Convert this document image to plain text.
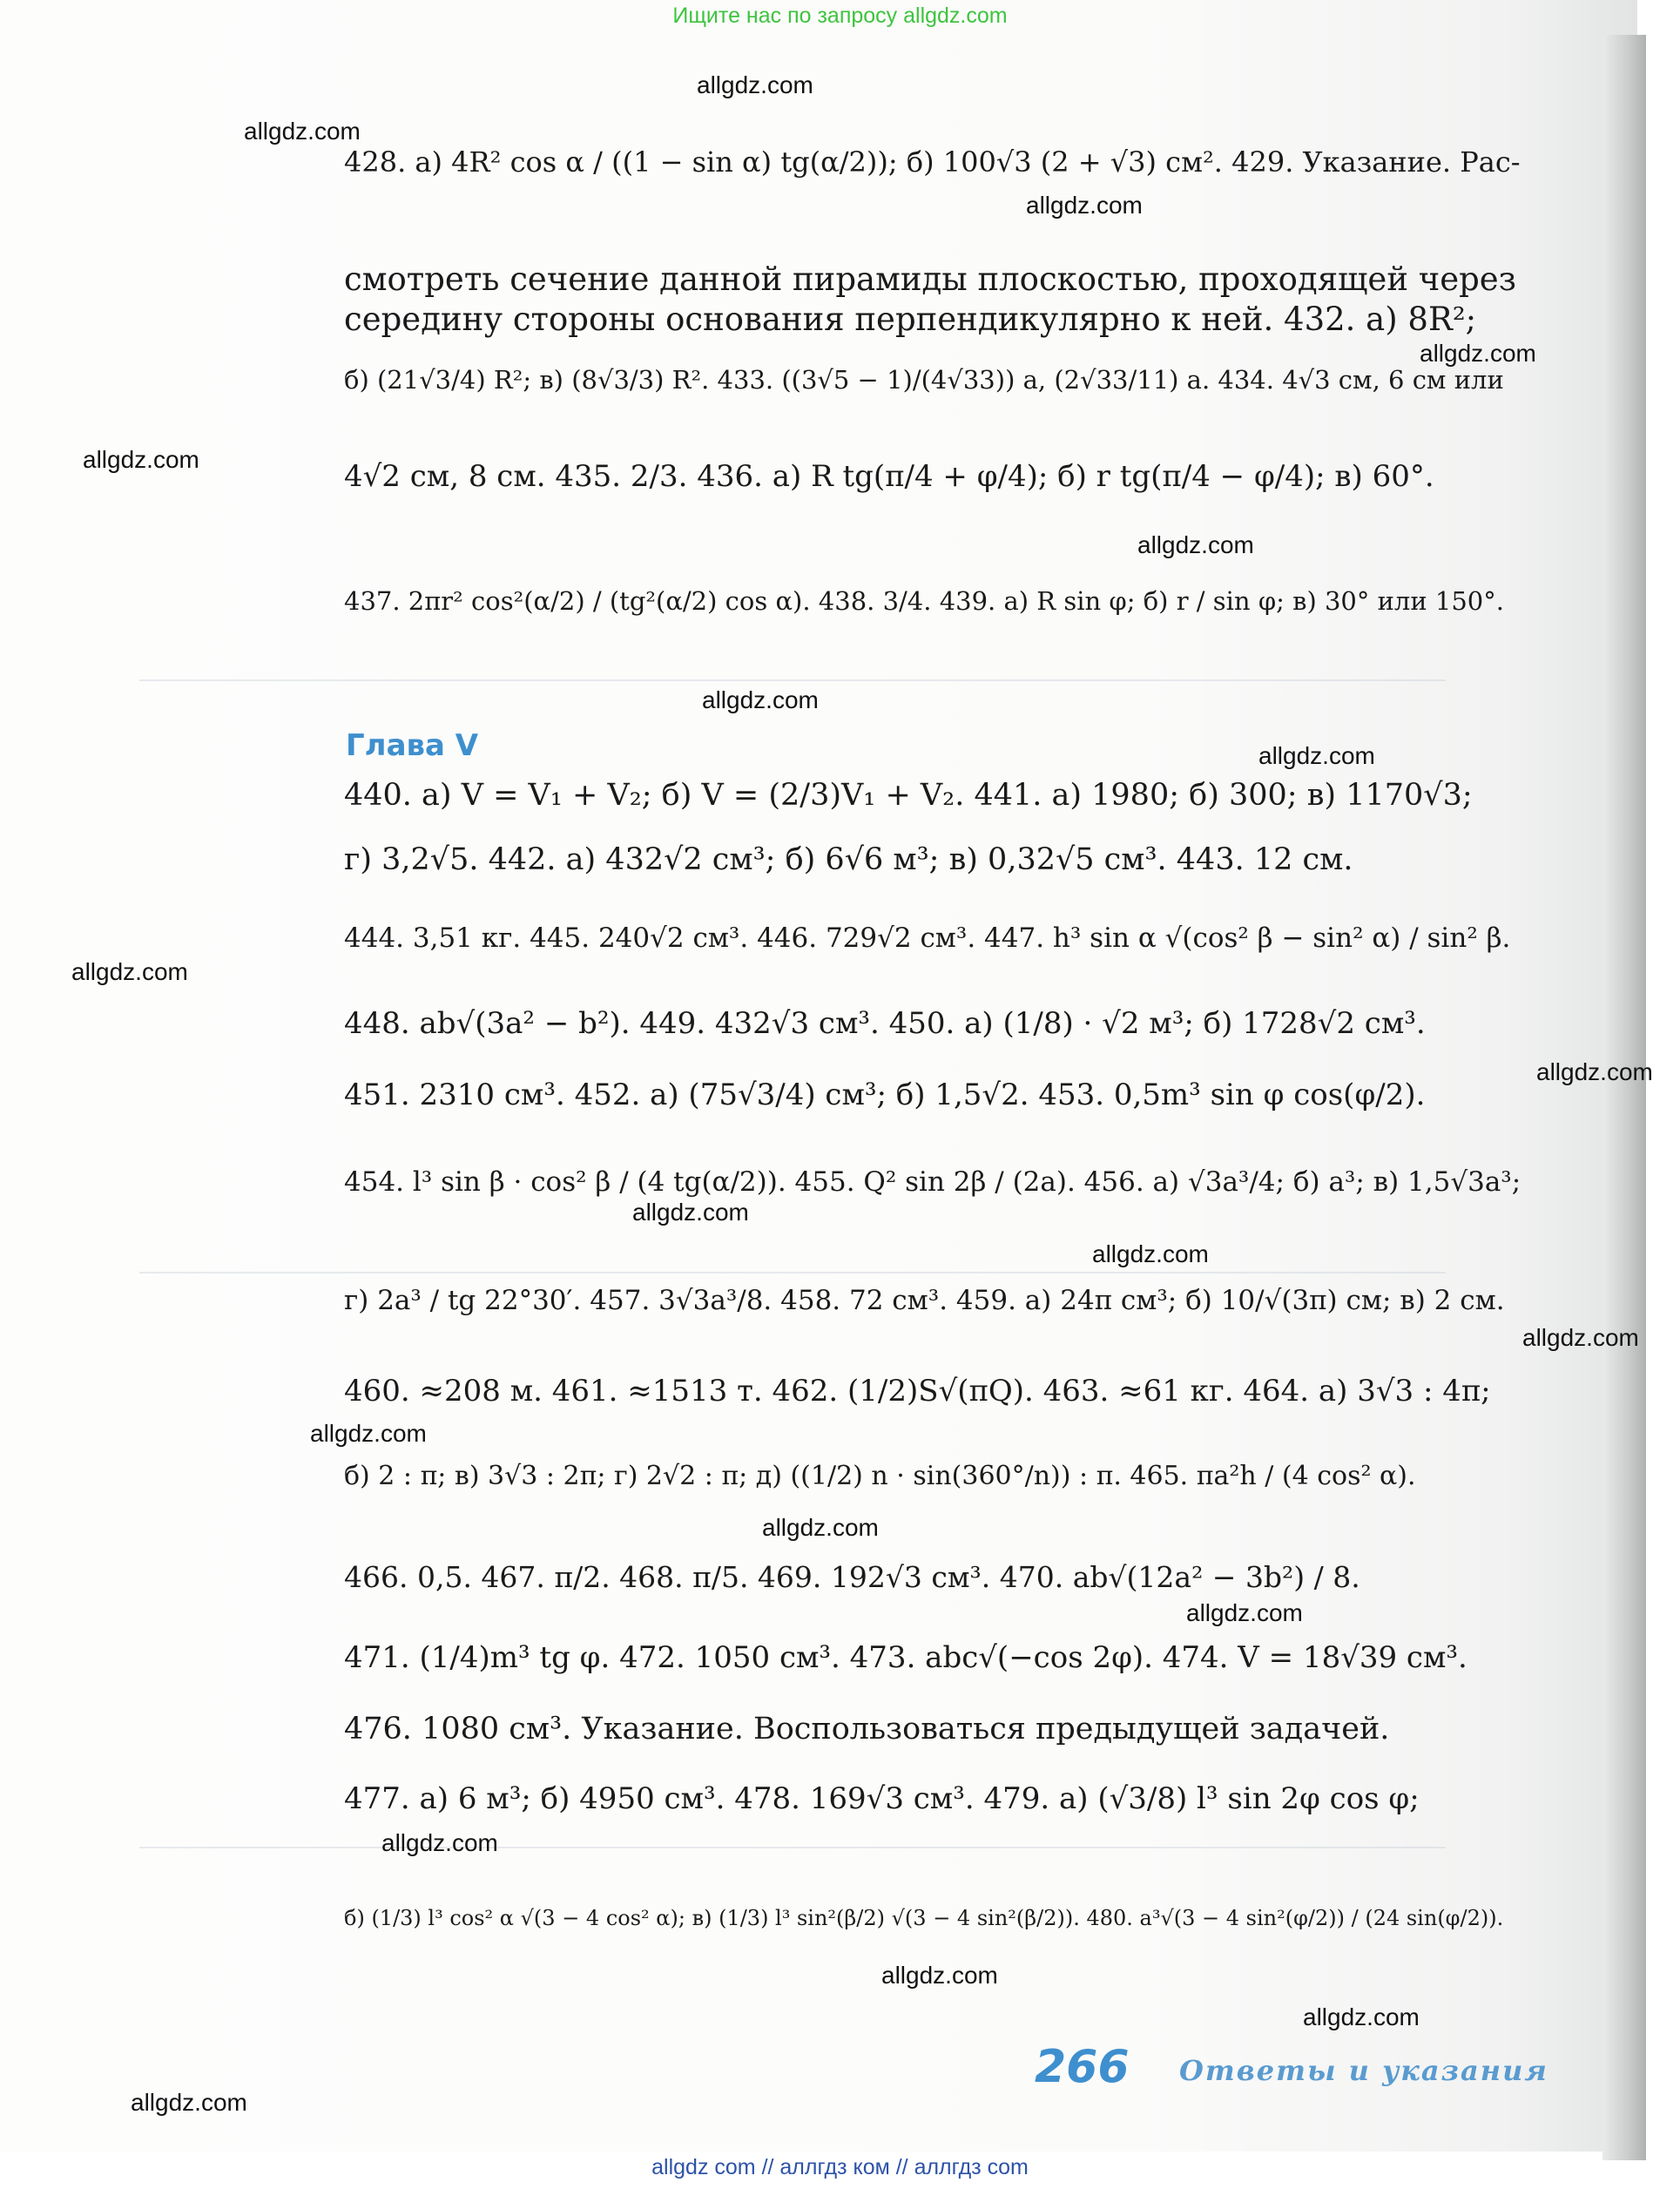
Ищите нас по запросу allgdz.com
allgdz.com
allgdz.com
allgdz.com
allgdz.com
allgdz.com
allgdz.com
allgdz.com
allgdz.com
allgdz.com
allgdz.com
allgdz.com
allgdz.com
allgdz.com
allgdz.com
allgdz.com
allgdz.com
allgdz.com
allgdz.com
allgdz.com
allgdz.com
428. а) 4R² cos α / ((1 − sin α) tg(α/2)); б) 100√3 (2 + √3) см². 429. Указание. Рас-
смотреть сечение данной пирамиды плоскостью, проходящей через
середину стороны основания перпендикулярно к ней. 432. а) 8R²;
б) (21√3/4) R²; в) (8√3/3) R². 433. ((3√5 − 1)/(4√33)) a, (2√33/11) a. 434. 4√3 см, 6 см или
4√2 см, 8 см. 435. 2/3. 436. а) R tg(π/4 + φ/4); б) r tg(π/4 − φ/4); в) 60°.
437. 2πr² cos²(α/2) / (tg²(α/2) cos α). 438. 3/4. 439. а) R sin φ; б) r / sin φ; в) 30° или 150°.
Глава V
440. а) V = V₁ + V₂; б) V = (2/3)V₁ + V₂. 441. а) 1980; б) 300; в) 1170√3;
г) 3,2√5. 442. а) 432√2 см³; б) 6√6 м³; в) 0,32√5 см³. 443. 12 см.
444. 3,51 кг. 445. 240√2 см³. 446. 729√2 см³. 447. h³ sin α √(cos² β − sin² α) / sin² β.
448. ab√(3a² − b²). 449. 432√3 см³. 450. а) (1/8) · √2 м³; б) 1728√2 см³.
451. 2310 см³. 452. а) (75√3/4) см³; б) 1,5√2. 453. 0,5m³ sin φ cos(φ/2).
454. l³ sin β · cos² β / (4 tg(α/2)). 455. Q² sin 2β / (2a). 456. а) √3a³/4; б) a³; в) 1,5√3a³;
г) 2a³ / tg 22°30′. 457. 3√3a³/8. 458. 72 см³. 459. а) 24π см³; б) 10/√(3π) см; в) 2 см.
460. ≈208 м. 461. ≈1513 т. 462. (1/2)S√(πQ). 463. ≈61 кг. 464. а) 3√3 : 4π;
б) 2 : π; в) 3√3 : 2π; г) 2√2 : π; д) ((1/2) n · sin(360°/n)) : π. 465. πa²h / (4 cos² α).
466. 0,5. 467. π/2. 468. π/5. 469. 192√3 см³. 470. ab√(12a² − 3b²) / 8.
471. (1/4)m³ tg φ. 472. 1050 см³. 473. abc√(−cos 2φ). 474. V = 18√39 см³.
476. 1080 см³. Указание. Воспользоваться предыдущей задачей.
477. а) 6 м³; б) 4950 см³. 478. 169√3 см³. 479. а) (√3/8) l³ sin 2φ cos φ;
б) (1/3) l³ cos² α √(3 − 4 cos² α); в) (1/3) l³ sin²(β/2) √(3 − 4 sin²(β/2)). 480. a³√(3 − 4 sin²(φ/2)) / (24 sin(φ/2)).
266 Ответы и указания
allgdz com // аллгдз ком // аллгдз com
